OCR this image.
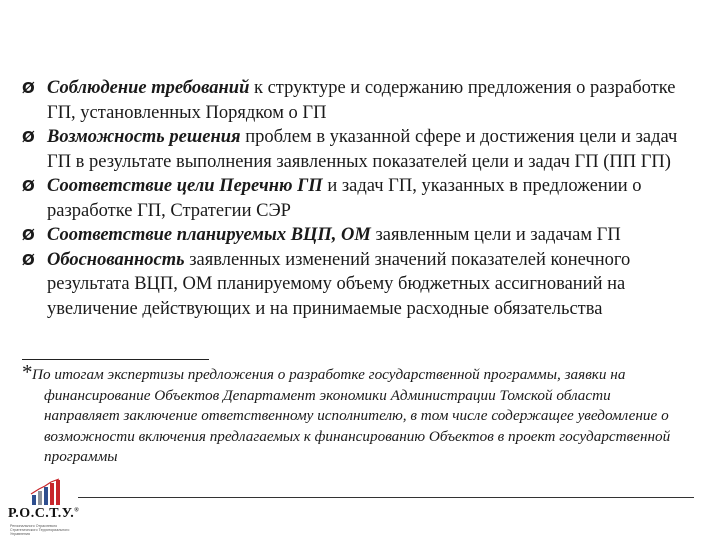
Ø Соблюдение требований к структуре и содержанию предложения о разработке ГП, установленных Порядком о ГП
Ø Возможность решения проблем в указанной сфере и достижения цели и задач ГП в результате выполнения заявленных показателей цели и задач ГП (ПП ГП)
Ø Соответствие цели Перечню ГП и задач ГП, указанных в предложении о разработке ГП, Стратегии СЭР
Ø Соответствие планируемых ВЦП, ОМ заявленным цели и задачам ГП
Ø Обоснованность заявленных изменений значений показателей конечного результата ВЦП, ОМ планируемому объему бюджетных ассигнований на увеличение действующих и на принимаемые расходные обязательства
* По итогам экспертизы предложения о разработке государственной программы, заявки на финансирование Объектов Департамент экономики Администрации Томской области направляет заключение ответственному исполнителю, в том числе содержащее уведомление о возможности включения предлагаемых к финансированию Объектов в проект государственной программы
Р.О.С.Т.У.®
Регионального Отраслевого Стратегического Территориального Управления
